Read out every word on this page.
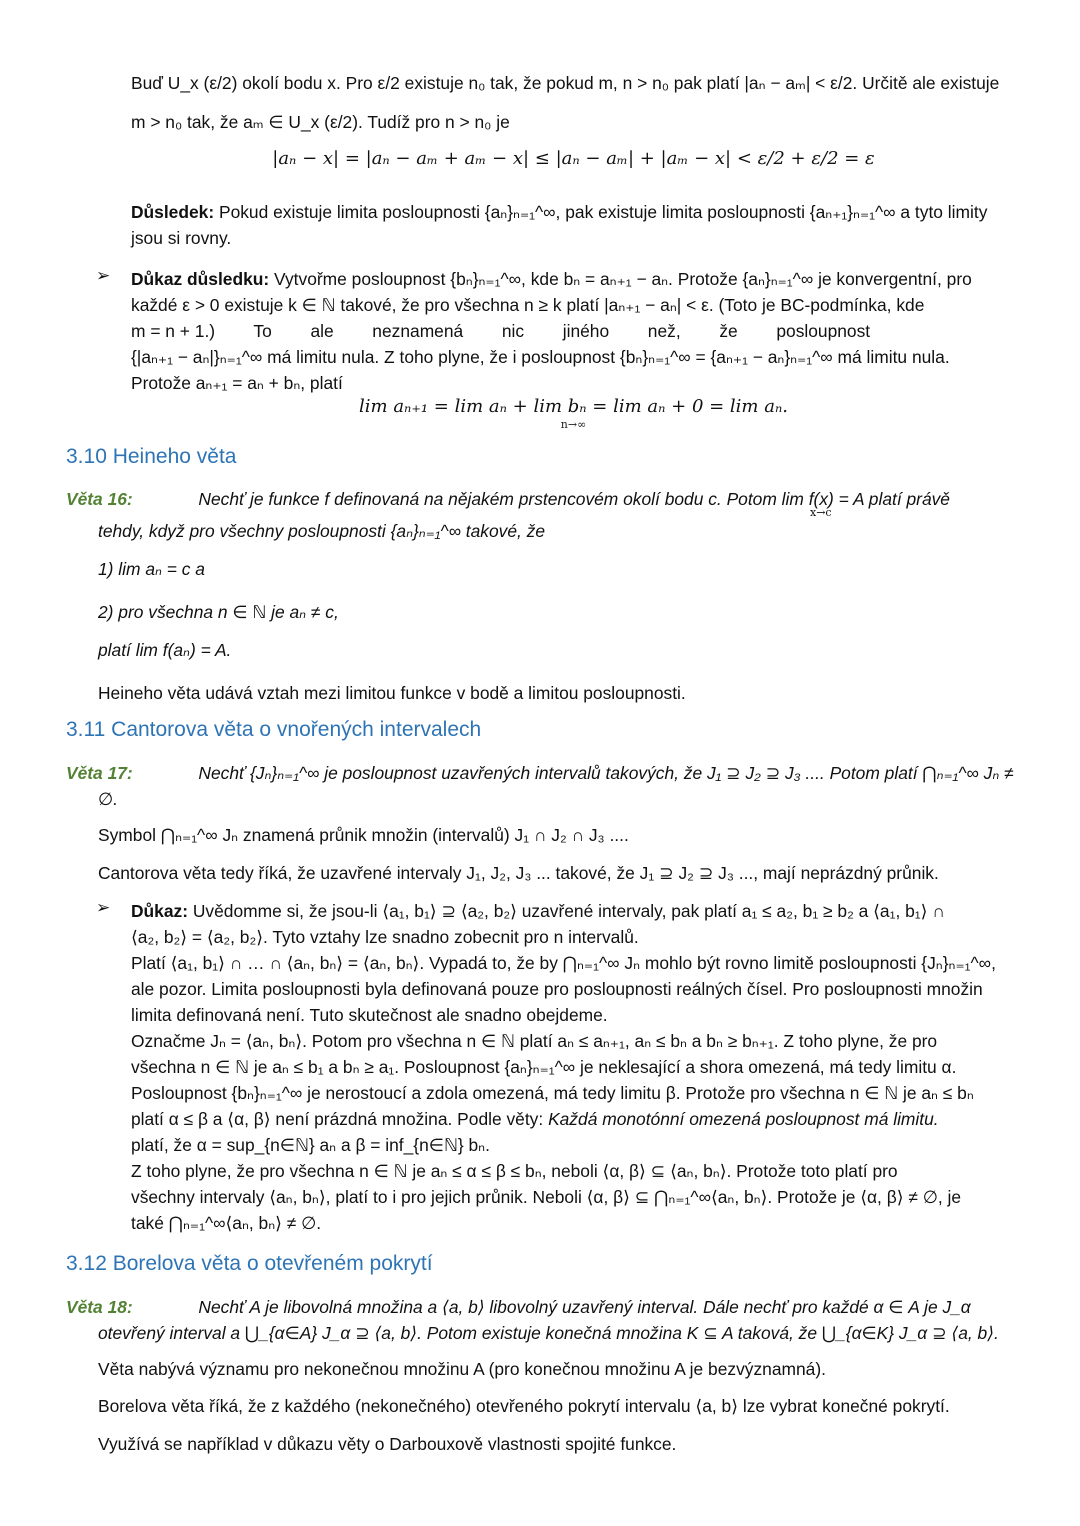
Buď U_x (ε/2) okolí bodu x. Pro ε/2 existuje n₀ tak, že pokud m, n > n₀ pak platí |aₙ − aₘ| < ε/2. Určitě ale existuje
m > n₀ tak, že aₘ ∈ U_x (ε/2). Tudíž pro n > n₀ je
|aₙ − x| = |aₙ − aₘ + aₘ − x| ≤ |aₙ − aₘ| + |aₘ − x| < ε/2 + ε/2 = ε
Důsledek: Pokud existuje limita posloupnosti {aₙ}ₙ₌₁^∞, pak existuje limita posloupnosti {aₙ₊₁}ₙ₌₁^∞ a tyto limity
jsou si rovny.
➢ Důkaz důsledku: Vytvořme posloupnost {bₙ}ₙ₌₁^∞, kde bₙ = aₙ₊₁ − aₙ. Protože {aₙ}ₙ₌₁^∞ je konvergentní, pro
každé ε > 0 existuje k ∈ ℕ takové, že pro všechna n ≥ k platí |aₙ₊₁ − aₙ| < ε. (Toto je BC-podmínka, kde
m = n + 1.)        To        ale        neznamená        nic        jiného        než,        že        posloupnost
{|aₙ₊₁ − aₙ|}ₙ₌₁^∞ má limitu nula. Z toho plyne, že i posloupnost {bₙ}ₙ₌₁^∞ = {aₙ₊₁ − aₙ}ₙ₌₁^∞ má limitu nula.
Protože aₙ₊₁ = aₙ + bₙ, platí
lim aₙ₊₁ = lim aₙ + lim bₙ = lim aₙ + 0 = lim aₙ.
n→∞
3.10 Heineho věta
Věta 16:	Nechť je funkce f definovaná na nějakém prstencovém okolí bodu c. Potom lim f(x) = A platí právě
x→c
tehdy, když pro všechny posloupnosti {aₙ}ₙ₌₁^∞ takové, že
1) lim aₙ = c a
2) pro všechna n ∈ ℕ je aₙ ≠ c,
platí lim f(aₙ) = A.
Heineho věta udává vztah mezi limitou funkce v bodě a limitou posloupnosti.
3.11 Cantorova věta o vnořených intervalech
Věta 17:	Nechť {Jₙ}ₙ₌₁^∞ je posloupnost uzavřených intervalů takových, že J₁ ⊇ J₂ ⊇ J₃ .... Potom platí ⋂ₙ₌₁^∞ Jₙ ≠
∅.
Symbol ⋂ₙ₌₁^∞ Jₙ znamená průnik množin (intervalů) J₁ ∩ J₂ ∩ J₃ ....
Cantorova věta tedy říká, že uzavřené intervaly J₁, J₂, J₃ ... takové, že J₁ ⊇ J₂ ⊇ J₃ ..., mají neprázdný průnik.
➢ Důkaz: Uvědomme si, že jsou-li ⟨a₁, b₁⟩ ⊇ ⟨a₂, b₂⟩ uzavřené intervaly, pak platí a₁ ≤ a₂, b₁ ≥ b₂ a ⟨a₁, b₁⟩ ∩
⟨a₂, b₂⟩ = ⟨a₂, b₂⟩. Tyto vztahy lze snadno zobecnit pro n intervalů.
Platí ⟨a₁, b₁⟩ ∩ … ∩ ⟨aₙ, bₙ⟩ = ⟨aₙ, bₙ⟩. Vypadá to, že by ⋂ₙ₌₁^∞ Jₙ mohlo být rovno limitě posloupnosti {Jₙ}ₙ₌₁^∞,
ale pozor. Limita posloupnosti byla definovaná pouze pro posloupnosti reálných čísel. Pro posloupnosti množin
limita definovaná není. Tuto skutečnost ale snadno obejdeme.
Označme Jₙ = ⟨aₙ, bₙ⟩. Potom pro všechna n ∈ ℕ platí aₙ ≤ aₙ₊₁, aₙ ≤ bₙ a bₙ ≥ bₙ₊₁. Z toho plyne, že pro
všechna n ∈ ℕ je aₙ ≤ b₁ a bₙ ≥ a₁. Posloupnost {aₙ}ₙ₌₁^∞ je neklesající a shora omezená, má tedy limitu α.
Posloupnost {bₙ}ₙ₌₁^∞ je nerostoucí a zdola omezená, má tedy limitu β. Protože pro všechna n ∈ ℕ je aₙ ≤ bₙ
platí α ≤ β a ⟨α, β⟩ není prázdná množina. Podle věty: Každá monotónní omezená posloupnost má limitu.
platí, že α = sup_{n∈ℕ} aₙ a β = inf_{n∈ℕ} bₙ.
Z toho plyne, že pro všechna n ∈ ℕ je aₙ ≤ α ≤ β ≤ bₙ, neboli ⟨α, β⟩ ⊆ ⟨aₙ, bₙ⟩. Protože toto platí pro
všechny intervaly ⟨aₙ, bₙ⟩, platí to i pro jejich průnik. Neboli ⟨α, β⟩ ⊆ ⋂ₙ₌₁^∞⟨aₙ, bₙ⟩. Protože je ⟨α, β⟩ ≠ ∅, je
také ⋂ₙ₌₁^∞⟨aₙ, bₙ⟩ ≠ ∅.
3.12 Borelova věta o otevřeném pokrytí
Věta 18:	Nechť A je libovolná množina a ⟨a, b⟩ libovolný uzavřený interval. Dále nechť pro každé α ∈ A je J_α
otevřený interval a ⋃_{α∈A} J_α ⊇ ⟨a, b⟩. Potom existuje konečná množina K ⊆ A taková, že ⋃_{α∈K} J_α ⊇ ⟨a, b⟩.
Věta nabývá významu pro nekonečnou množinu A (pro konečnou množinu A je bezvýznamná).
Borelova věta říká, že z každého (nekonečného) otevřeného pokrytí intervalu ⟨a, b⟩ lze vybrat konečné pokrytí.
Využívá se například v důkazu věty o Darbouxově vlastnosti spojité funkce.
